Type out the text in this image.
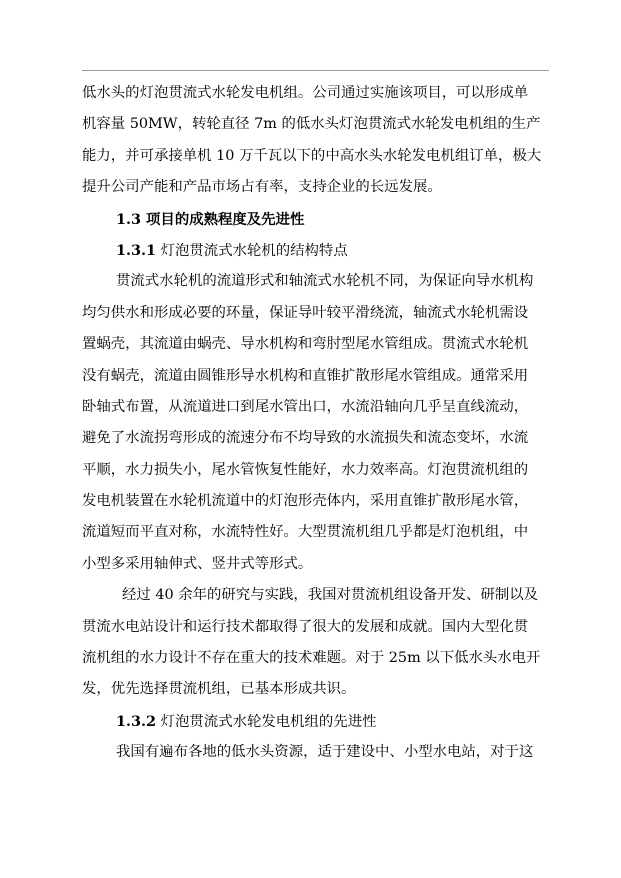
低水头的灯泡贯流式水轮发电机组。公司通过实施该项目，可以形成单
机容量 50MW，转轮直径 7m 的低水头灯泡贯流式水轮发电机组的生产
能力，并可承接单机 10 万千瓦以下的中高水头水轮发电机组订单，极大
提升公司产能和产品市场占有率，支持企业的长远发展。
1.3 项目的成熟程度及先进性
1.3.1 灯泡贯流式水轮机的结构特点
贯流式水轮机的流道形式和轴流式水轮机不同，为保证向导水机构
均匀供水和形成必要的环量，保证导叶较平滑绕流，轴流式水轮机需设
置蜗壳，其流道由蜗壳、导水机构和弯肘型尾水管组成。贯流式水轮机
没有蜗壳，流道由圆锥形导水机构和直锥扩散形尾水管组成。通常采用
卧轴式布置，从流道进口到尾水管出口，水流沿轴向几乎呈直线流动，
避免了水流拐弯形成的流速分布不均导致的水流损失和流态变坏，水流
平顺，水力损失小，尾水管恢复性能好，水力效率高。灯泡贯流机组的
发电机装置在水轮机流道中的灯泡形壳体内，采用直锥扩散形尾水管，
流道短而平直对称，水流特性好。大型贯流机组几乎都是灯泡机组，中
小型多采用轴伸式、竖井式等形式。
经过 40 余年的研究与实践，我国对贯流机组设备开发、研制以及
贯流水电站设计和运行技术都取得了很大的发展和成就。国内大型化贯
流机组的水力设计不存在重大的技术难题。对于 25m 以下低水头水电开
发，优先选择贯流机组，已基本形成共识。
1.3.2 灯泡贯流式水轮发电机组的先进性
我国有遍布各地的低水头资源，适于建设中、小型水电站，对于这
